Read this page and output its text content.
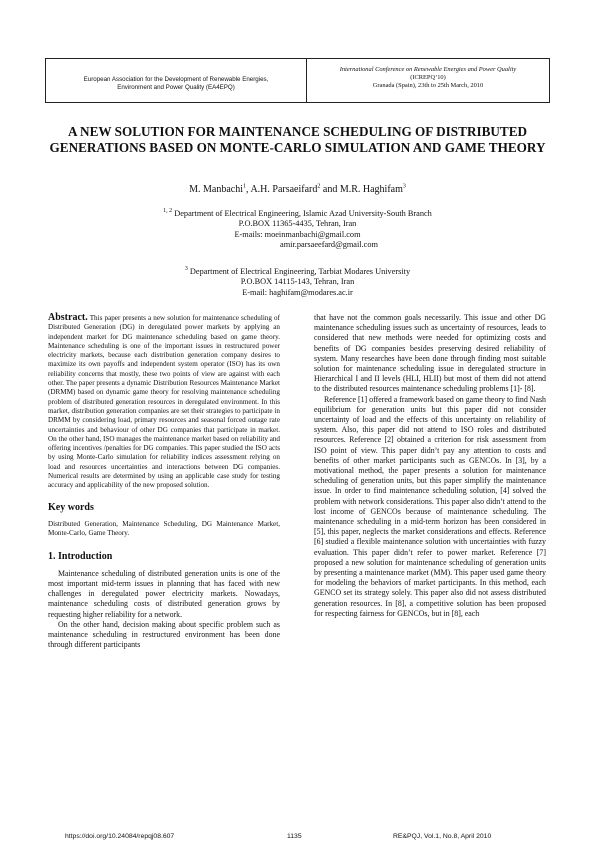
European Association for the Development of Renewable Energies,
Environment and Power Quality (EA4EPQ)
International Conference on Renewable Energies and Power Quality
(ICREPQ’10)
Granada (Spain), 23th to 25th March, 2010
A NEW SOLUTION FOR MAINTENANCE SCHEDULING OF DISTRIBUTED GENERATIONS BASED ON MONTE-CARLO SIMULATION AND GAME THEORY
M. Manbachi$^1$, A.H. Parsaeifard$^2$ and M.R. Haghifam$^3$
$^{1, 2}$ Department of Electrical Engineering, Islamic Azad University-South Branch
P.O.BOX 11365-4435, Tehran, Iran
E-mails: moeinmanbachi@gmail.com
amir.parsaeefard@gmail.com
$^3$ Department of Electrical Engineering, Tarbiat Modares University
P.O.BOX 14115-143, Tehran, Iran
E-mail: haghifam@modares.ac.ir

Abstract. This paper presents a new solution for maintenance scheduling of Distributed Generation (DG) in deregulated power markets by applying an independent market for DG maintenance scheduling based on game theory. Maintenance scheduling is one of the important issues in restructured power electricity markets, because each distribution generation company desires to maximize its own payoffs and independent system operator (ISO) has its own reliability concerns that mostly, these two points of view are against with each other. The paper presents a dynamic Distribution Resources Maintenance Market (DRMM) based on dynamic game theory for resolving maintenance scheduling problem of distributed generation resources in deregulated environment. In this market, distribution generation companies are set their strategies to participate in DRMM by considering load, primary resources and seasonal forced outage rate uncertainties and behaviour of other DG companies that participate in market. On the other hand, ISO manages the maintenance market based on reliability and offering incentives /penalties for DG companies. This paper studied the ISO acts by using Monte-Carlo simulation for reliability indices assessment relying on load and resources uncertainties and interactions between DG companies. Numerical results are determined by using an applicable case study for testing accuracy and applicability of the new proposed solution.

Key words

Distributed Generation, Maintenance Scheduling, DG Maintenance Market, Monte-Carlo, Game Theory.

1. Introduction

Maintenance scheduling of distributed generation units is one of the most important mid-term issues in planning that has faced with new challenges in deregulated power electricity markets. Nowadays, maintenance scheduling costs of distributed generation grows by requesting higher reliability for a network.

On the other hand, decision making about specific problem such as maintenance scheduling in restructured environment has been done through different participants

that have not the common goals necessarily. This issue and other DG maintenance scheduling issues such as uncertainty of resources, leads to considered that new methods were needed for optimizing costs and benefits of DG companies besides preserving desired reliability of system. Many researches have been done through finding most suitable solution for maintenance scheduling issue in deregulated structure in Hierarchical I and II levels (HLI, HLII) but most of them did not attend to the distributed resources maintenance scheduling problems [1]- [8].

Reference [1] offered a framework based on game theory to find Nash equilibrium for generation units but this paper did not consider uncertainty of load and the effects of this uncertainty on reliability of system. Also, this paper did not attend to ISO roles and distributed resources. Reference [2] obtained a criterion for risk assessment from ISO point of view. This paper didn’t pay any attention to costs and benefits of other market participants such as GENCOs. In [3], by a motivational method, the paper presents a solution for maintenance scheduling of generation units, but this paper simplify the maintenance issue. In order to find maintenance scheduling solution, [4] solved the problem with network considerations. This paper also didn’t attend to the lost income of GENCOs because of maintenance scheduling. The maintenance scheduling in a mid-term horizon has been considered in [5], this paper, neglects the market considerations and effects. Reference [6] studied a flexible maintenance solution with uncertainties with fuzzy evaluation. This paper didn’t refer to power market. Reference [7] proposed a new solution for maintenance scheduling of generation units by presenting a maintenance market (MM). This paper used game theory for modeling the behaviors of market participants. In this method, each GENCO set its strategy solely. This paper also did not assess distributed generation resources. In [8], a competitive solution has been proposed for respecting fairness for GENCOs, but in [8], each

https://doi.org/10.24084/repqj08.607	1135	RE&PQJ, Vol.1, No.8, April 2010
